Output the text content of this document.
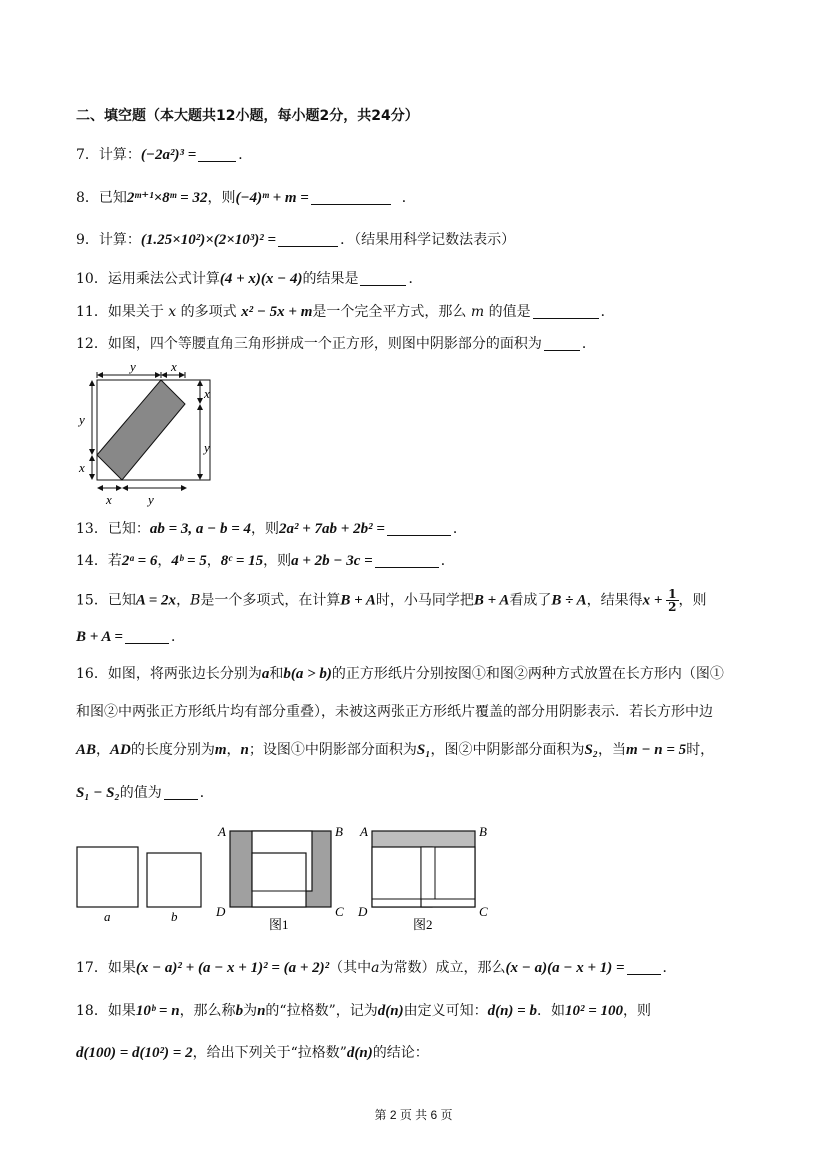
二、填空题（本大题共12小题，每小题2分，共24分）
7．计算：(−2a²)³ =	．
8．已知2ᵐ⁺¹×8ᵐ = 32，则(−4)ᵐ + m =	．
9．计算：(1.25×10²)×(2×10³)² =	．（结果用科学记数法表示）
10．运用乘法公式计算(4 + x)(x − 4)的结果是	．
11．如果关于 x 的多项式 x² − 5x + m是一个完全平方式，那么 m 的值是	．
12．如图，四个等腰直角三角形拼成一个正方形，则图中阴影部分的面积为	．
y	x
y
x
x
y
x	y
13．已知：ab = 3, a − b = 4，则2a² + 7ab + 2b² =	．
14．若2ᵃ = 6，4ᵇ = 5，8ᶜ = 15，则a + 2b − 3c =	．
15．已知A = 2x，B是一个多项式，在计算B + A时，小马同学把B + A看成了B ÷ A，结果得$x + \frac{1}{2}$ ，则
B + A =	．
16．如图，将两张边长分别为a和b(a > b)的正方形纸片分别按图①和图②两种方式放置在长方形内（图①
和图②中两张正方形纸片均有部分重叠），未被这两张正方形纸片覆盖的部分用阴影表示．若长方形中边
AB，AD的长度分别为m，n；设图①中阴影部分面积为S₁，图②中阴影部分面积为S₂，当m − n = 5时，
S₁ − S₂的值为	．
a	b
A	B
D	C
图1
A	B
D	C
图2
17．如果(x − a)² + (a − x + 1)² = (a + 2)²（其中a为常数）成立，那么(x − a)(a − x + 1) =	．
18．如果10ᵇ = n，那么称b为n的“拉格数”，记为d(n)由定义可知：d(n) = b．如10² = 100，则
d(100) = d(10²) = 2，给出下列关于“拉格数”d(n)的结论：
第 2 页 共 6 页
